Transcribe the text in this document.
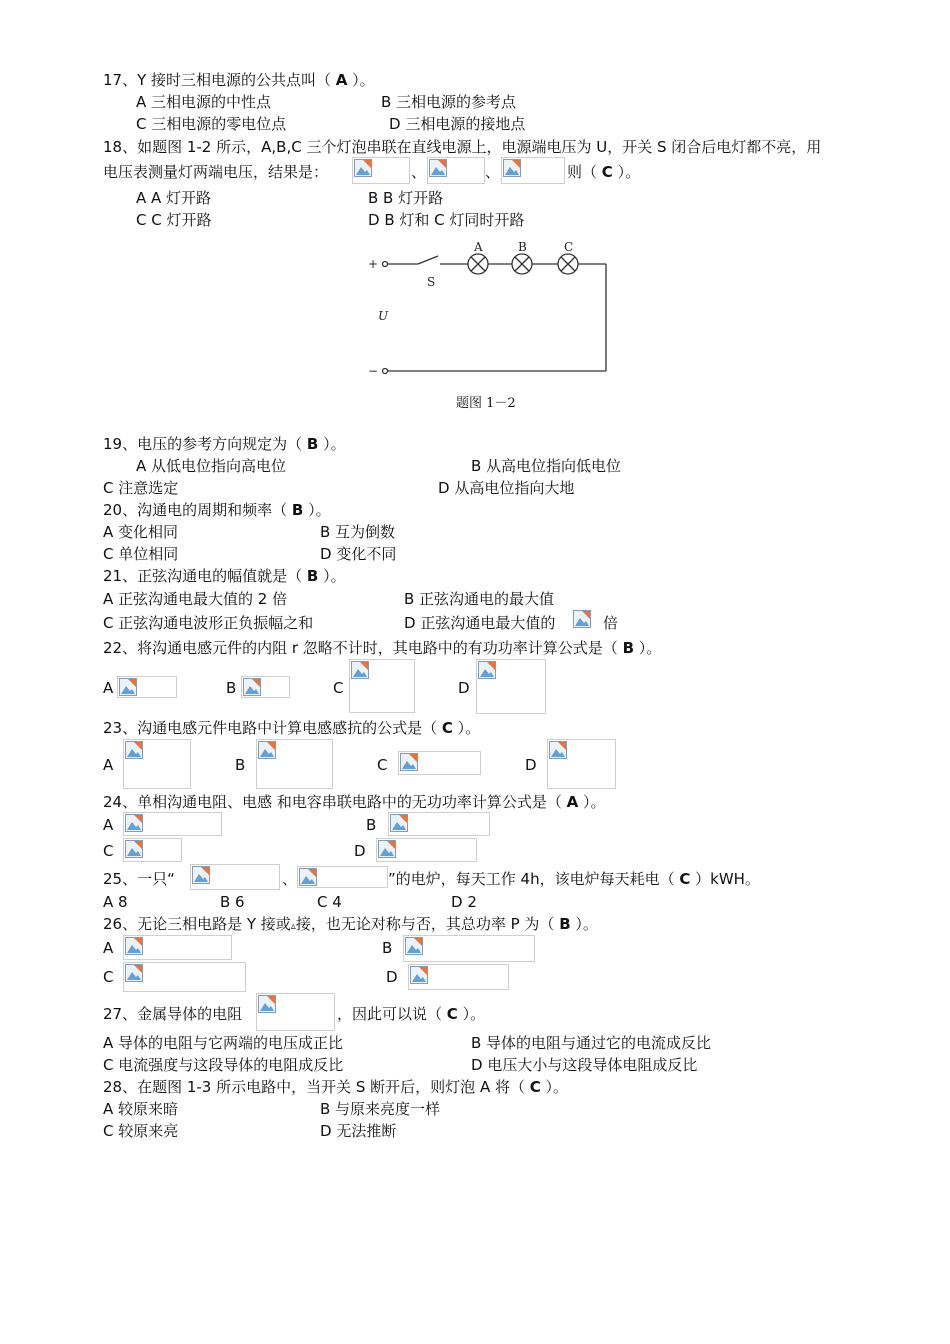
17、Y 接时三相电源的公共点叫（ A ）。
A 三相电源的中性点	B 三相电源的参考点
C 三相电源的零电位点	D 三相电源的接地点
18、如题图 1-2 所示，A,B,C 三个灯泡串联在直线电源上，电源端电压为 U，开关 S 闭合后电灯都不亮，用
电压表测量灯两端电压，结果是：	、	、	则（ C ）。
A A 灯开路	B B 灯开路
C C 灯开路	D B 灯和 C 灯同时开路
+
−
S
U
A	B	C
题图 1－2
19、电压的参考方向规定为（ B ）。
A 从低电位指向高电位	B 从高电位指向低电位
C 注意选定	D 从高电位指向大地
20、沟通电的周期和频率（ B ）。
A 变化相同	B 互为倒数
C 单位相同	D 变化不同
21、正弦沟通电的幅值就是（ B ）。
A 正弦沟通电最大值的 2 倍	B 正弦沟通电的最大值
C 正弦沟通电波形正负振幅之和	D 正弦沟通电最大值的	倍
22、将沟通电感元件的内阻 r 忽略不计时，其电路中的有功功率计算公式是（ B ）。
A	B	C	D
23、沟通电感元件电路中计算电感感抗的公式是（ C ）。
A	B	C	D
24、单相沟通电阻、电感 和电容串联电路中的无功功率计算公式是（ A ）。
A	B
C	D
25、一只“	、	”的电炉，每天工作 4h，该电炉每天耗电（ C ）kWH。
A 8	B 6	C 4	D 2
26、无论三相电路是 Y 接或▵接，也无论对称与否，其总功率 P 为（ B ）。
A	B
C	D
27、金属导体的电阻	，因此可以说（ C ）。
A 导体的电阻与它两端的电压成正比	B 导体的电阻与通过它的电流成反比
C 电流强度与这段导体的电阻成反比	D 电压大小与这段导体电阻成反比
28、在题图 1-3 所示电路中，当开关 S 断开后，则灯泡 A 将（ C ）。
A 较原来暗	B 与原来亮度一样
C 较原来亮	D 无法推断
